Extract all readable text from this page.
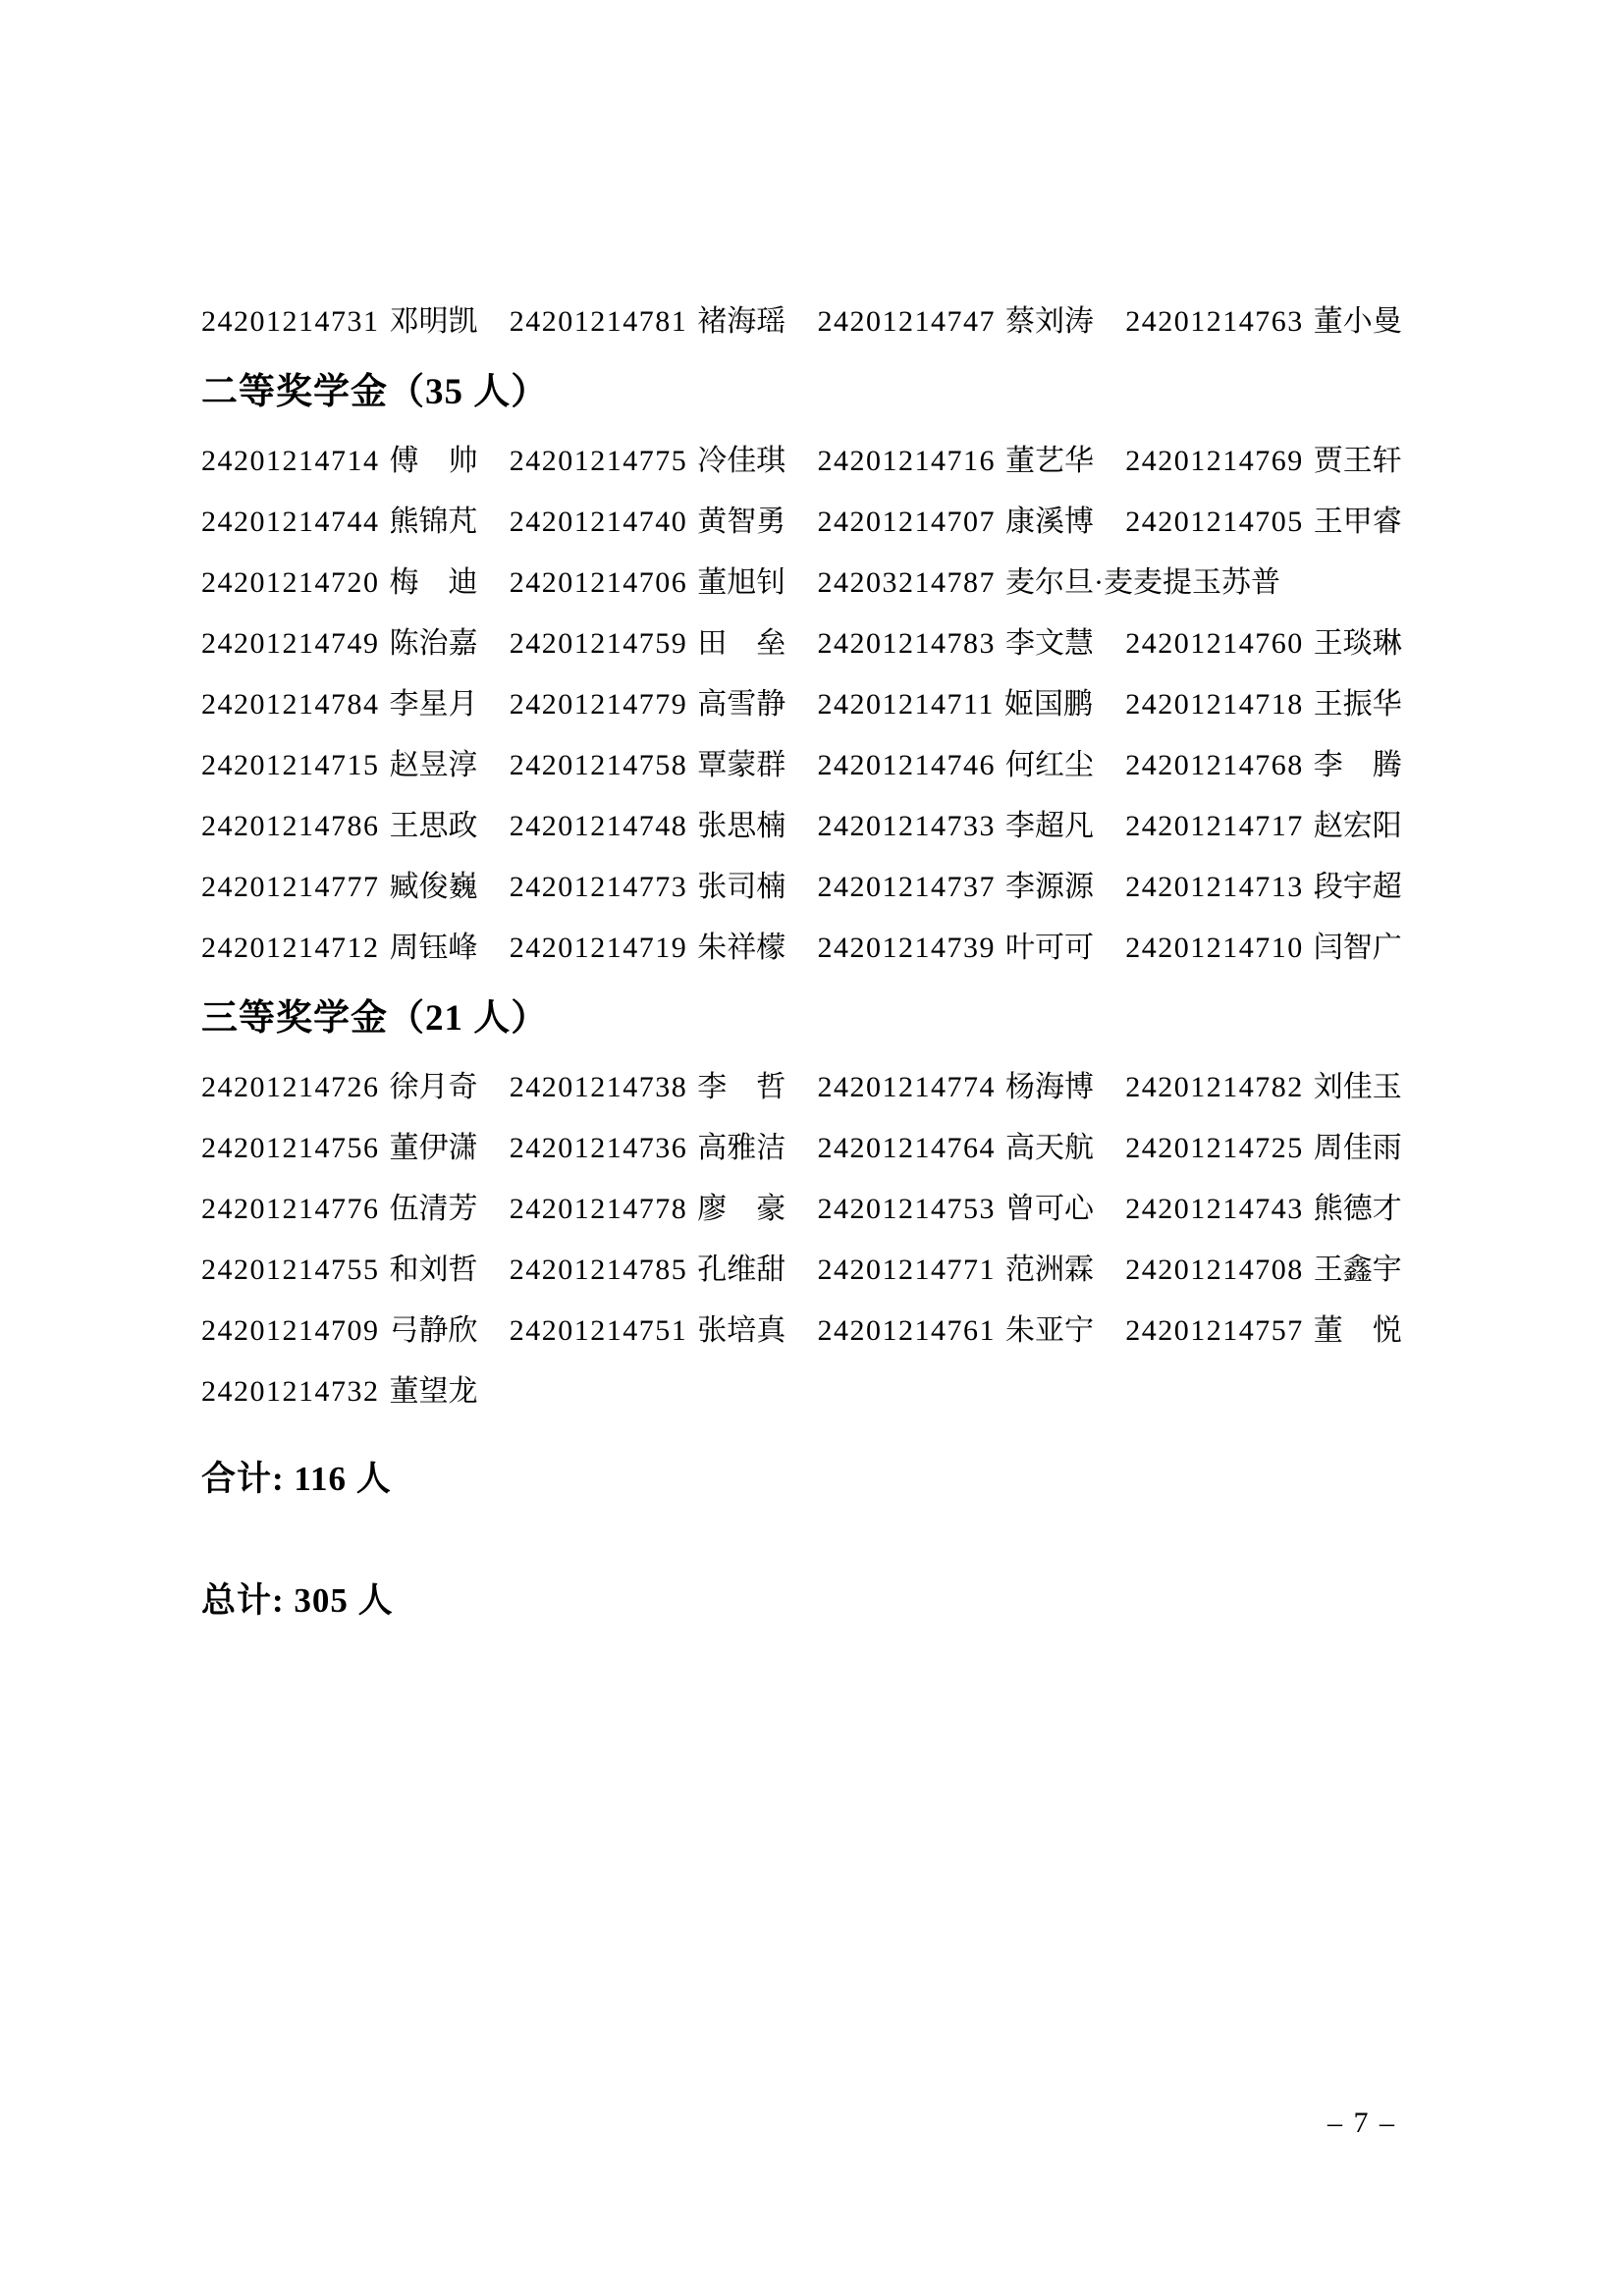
24201214731 邓明凯 24201214781 褚海瑶 24201214747 蔡刘涛 24201214763 董小曼
二等奖学金（35 人）
24201214714 傅　帅 24201214775 冷佳琪 24201214716 董艺华 24201214769 贾王轩
24201214744 熊锦芃 24201214740 黄智勇 24201214707 康溪博 24201214705 王甲睿
24201214720 梅　迪 24201214706 董旭钊 24203214787 麦尔旦·麦麦提玉苏普
24201214749 陈治嘉 24201214759 田　垒 24201214783 李文慧 24201214760 王琰琳
24201214784 李星月 24201214779 高雪静 24201214711 姬国鹏 24201214718 王振华
24201214715 赵昱淳 24201214758 覃蒙群 24201214746 何红尘 24201214768 李　腾
24201214786 王思政 24201214748 张思楠 24201214733 李超凡 24201214717 赵宏阳
24201214777 臧俊巍 24201214773 张司楠 24201214737 李源源 24201214713 段宇超
24201214712 周钰峰 24201214719 朱祥檬 24201214739 叶可可 24201214710 闫智广
三等奖学金（21 人）
24201214726 徐月奇 24201214738 李　哲 24201214774 杨海博 24201214782 刘佳玉
24201214756 董伊潇 24201214736 高雅洁 24201214764 高天航 24201214725 周佳雨
24201214776 伍清芳 24201214778 廖　豪 24201214753 曾可心 24201214743 熊德才
24201214755 和刘哲 24201214785 孔维甜 24201214771 范洲霖 24201214708 王鑫宇
24201214709 弓静欣 24201214751 张培真 24201214761 朱亚宁 24201214757 董　悦
24201214732 董望龙
合计: 116 人
总计: 305 人
– 7 –
